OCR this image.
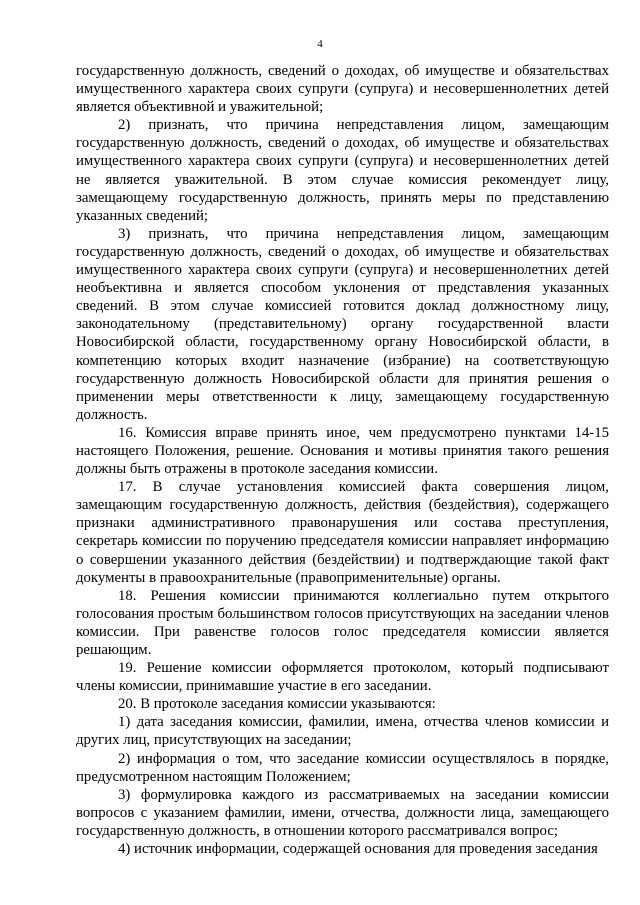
4

государственную должность, сведений о доходах, об имуществе и обязательствах имущественного характера своих супруги (супруга) и несовершеннолетних детей является объективной и уважительной;

2) признать, что причина непредставления лицом, замещающим государственную должность, сведений о доходах, об имуществе и обязательствах имущественного характера своих супруги (супруга) и несовершеннолетних детей не является уважительной. В этом случае комиссия рекомендует лицу, замещающему государственную должность, принять меры по представлению указанных сведений;

3) признать, что причина непредставления лицом, замещающим государственную должность, сведений о доходах, об имуществе и обязательствах имущественного характера своих супруги (супруга) и несовершеннолетних детей необъективна и является способом уклонения от представления указанных сведений. В этом случае комиссией готовится доклад должностному лицу, законодательному (представительному) органу государственной власти Новосибирской области, государственному органу Новосибирской области, в компетенцию которых входит назначение (избрание) на соответствующую государственную должность Новосибирской области для принятия решения о применении меры ответственности к лицу, замещающему государственную должность.

16. Комиссия вправе принять иное, чем предусмотрено пунктами 14-15 настоящего Положения, решение. Основания и мотивы принятия такого решения должны быть отражены в протоколе заседания комиссии.

17. В случае установления комиссией факта совершения лицом, замещающим государственную должность, действия (бездействия), содержащего признаки административного правонарушения или состава преступления, секретарь комиссии по поручению председателя комиссии направляет информацию о совершении указанного действия (бездействии) и подтверждающие такой факт документы в правоохранительные (правоприменительные) органы.

18. Решения комиссии принимаются коллегиально путем открытого голосования простым большинством голосов присутствующих на заседании членов комиссии. При равенстве голосов голос председателя комиссии является решающим.

19. Решение комиссии оформляется протоколом, который подписывают члены комиссии, принимавшие участие в его заседании.

20. В протоколе заседания комиссии указываются:

1) дата заседания комиссии, фамилии, имена, отчества членов комиссии и других лиц, присутствующих на заседании;

2) информация о том, что заседание комиссии осуществлялось в порядке, предусмотренном настоящим Положением;

3) формулировка каждого из рассматриваемых на заседании комиссии вопросов с указанием фамилии, имени, отчества, должности лица, замещающего государственную должность, в отношении которого рассматривался вопрос;

4) источник информации, содержащей основания для проведения заседания
